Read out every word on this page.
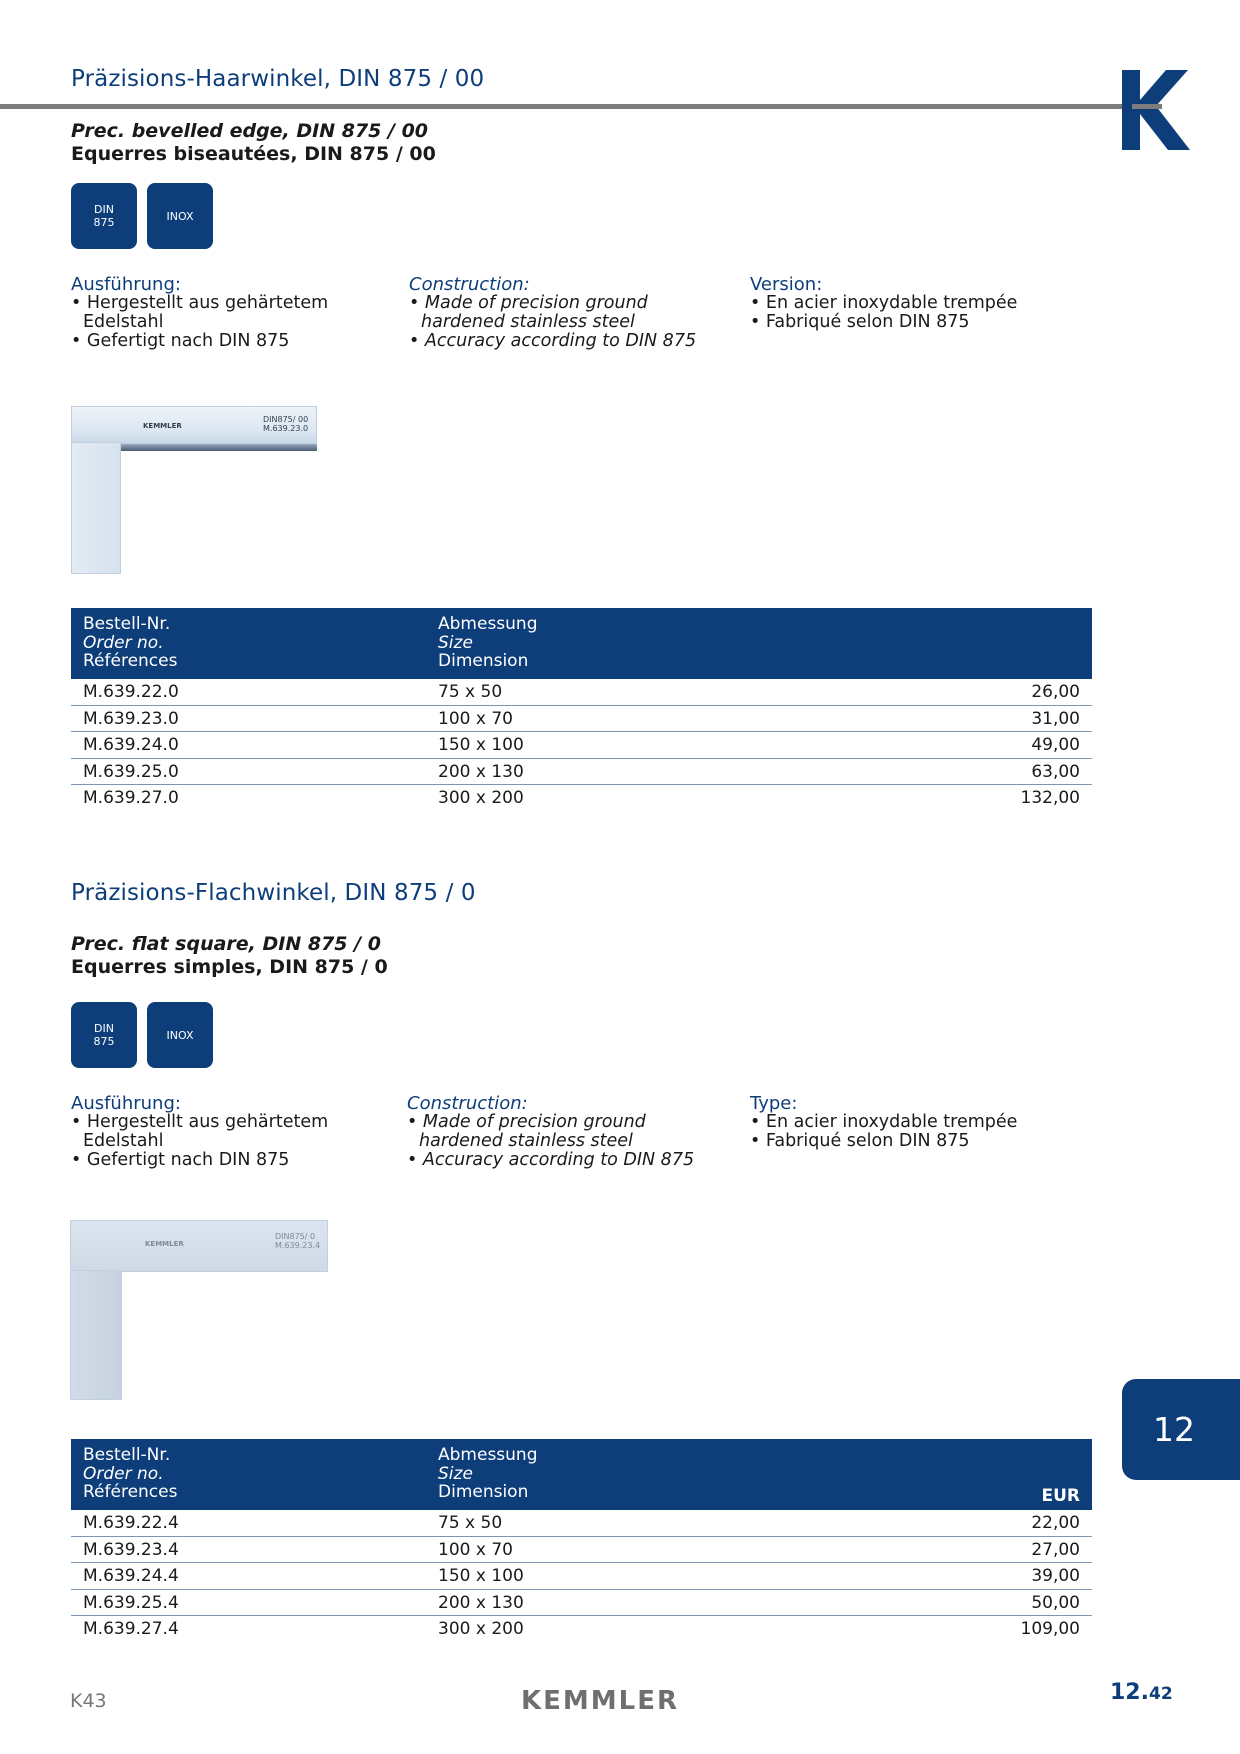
Präzisions-Haarwinkel, DIN 875 / 00
Prec. bevelled edge, DIN 875 / 00
Equerres biseautées, DIN 875 / 00
DIN 875	INOX
Ausführung:
• Hergestellt aus gehärtetem Edelstahl
• Gefertigt nach DIN 875
Construction:
• Made of precision ground hardened stainless steel
• Accuracy according to DIN 875
Version:
• En acier inoxydable trempée
• Fabriqué selon DIN 875
KEMMLER
DIN875/ 00
M.639.23.0
Bestell-Nr.
Order no.
Références
Abmessung
Size
Dimension
M.639.22.0	75 x 50	26,00
M.639.23.0	100 x 70	31,00
M.639.24.0	150 x 100	49,00
M.639.25.0	200 x 130	63,00
M.639.27.0	300 x 200	132,00
Präzisions-Flachwinkel, DIN 875 / 0
Prec. flat square, DIN 875 / 0
Equerres simples, DIN 875 / 0
DIN 875	INOX
Ausführung:
• Hergestellt aus gehärtetem Edelstahl
• Gefertigt nach DIN 875
Construction:
• Made of precision ground hardened stainless steel
• Accuracy according to DIN 875
Type:
• En acier inoxydable trempée
• Fabriqué selon DIN 875
KEMMLER
DIN875/ 0
M.639.23.4
Bestell-Nr.
Order no.
Références
Abmessung
Size
Dimension	EUR
M.639.22.4	75 x 50	22,00
M.639.23.4	100 x 70	27,00
M.639.24.4	150 x 100	39,00
M.639.25.4	200 x 130	50,00
M.639.27.4	300 x 200	109,00
12
K43	KEMMLER	12.42
